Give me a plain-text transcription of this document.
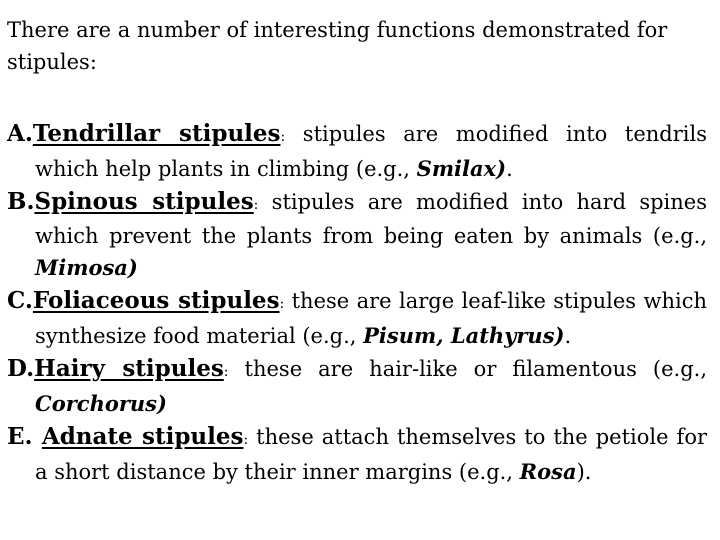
There are a number of interesting functions demonstrated for stipules:

A.Tendrillar stipules: stipules are modified into tendrils which help plants in climbing (e.g., Smilax).
B.Spinous stipules: stipules are modified into hard spines which prevent the plants from being eaten by animals (e.g., Mimosa)
C.Foliaceous stipules: these are large leaf-like stipules which synthesize food material (e.g., Pisum, Lathyrus).
D.Hairy stipules: these are hair-like or filamentous (e.g., Corchorus)
E. Adnate stipules: these attach themselves to the petiole for a short distance by their inner margins (e.g., Rosa).
